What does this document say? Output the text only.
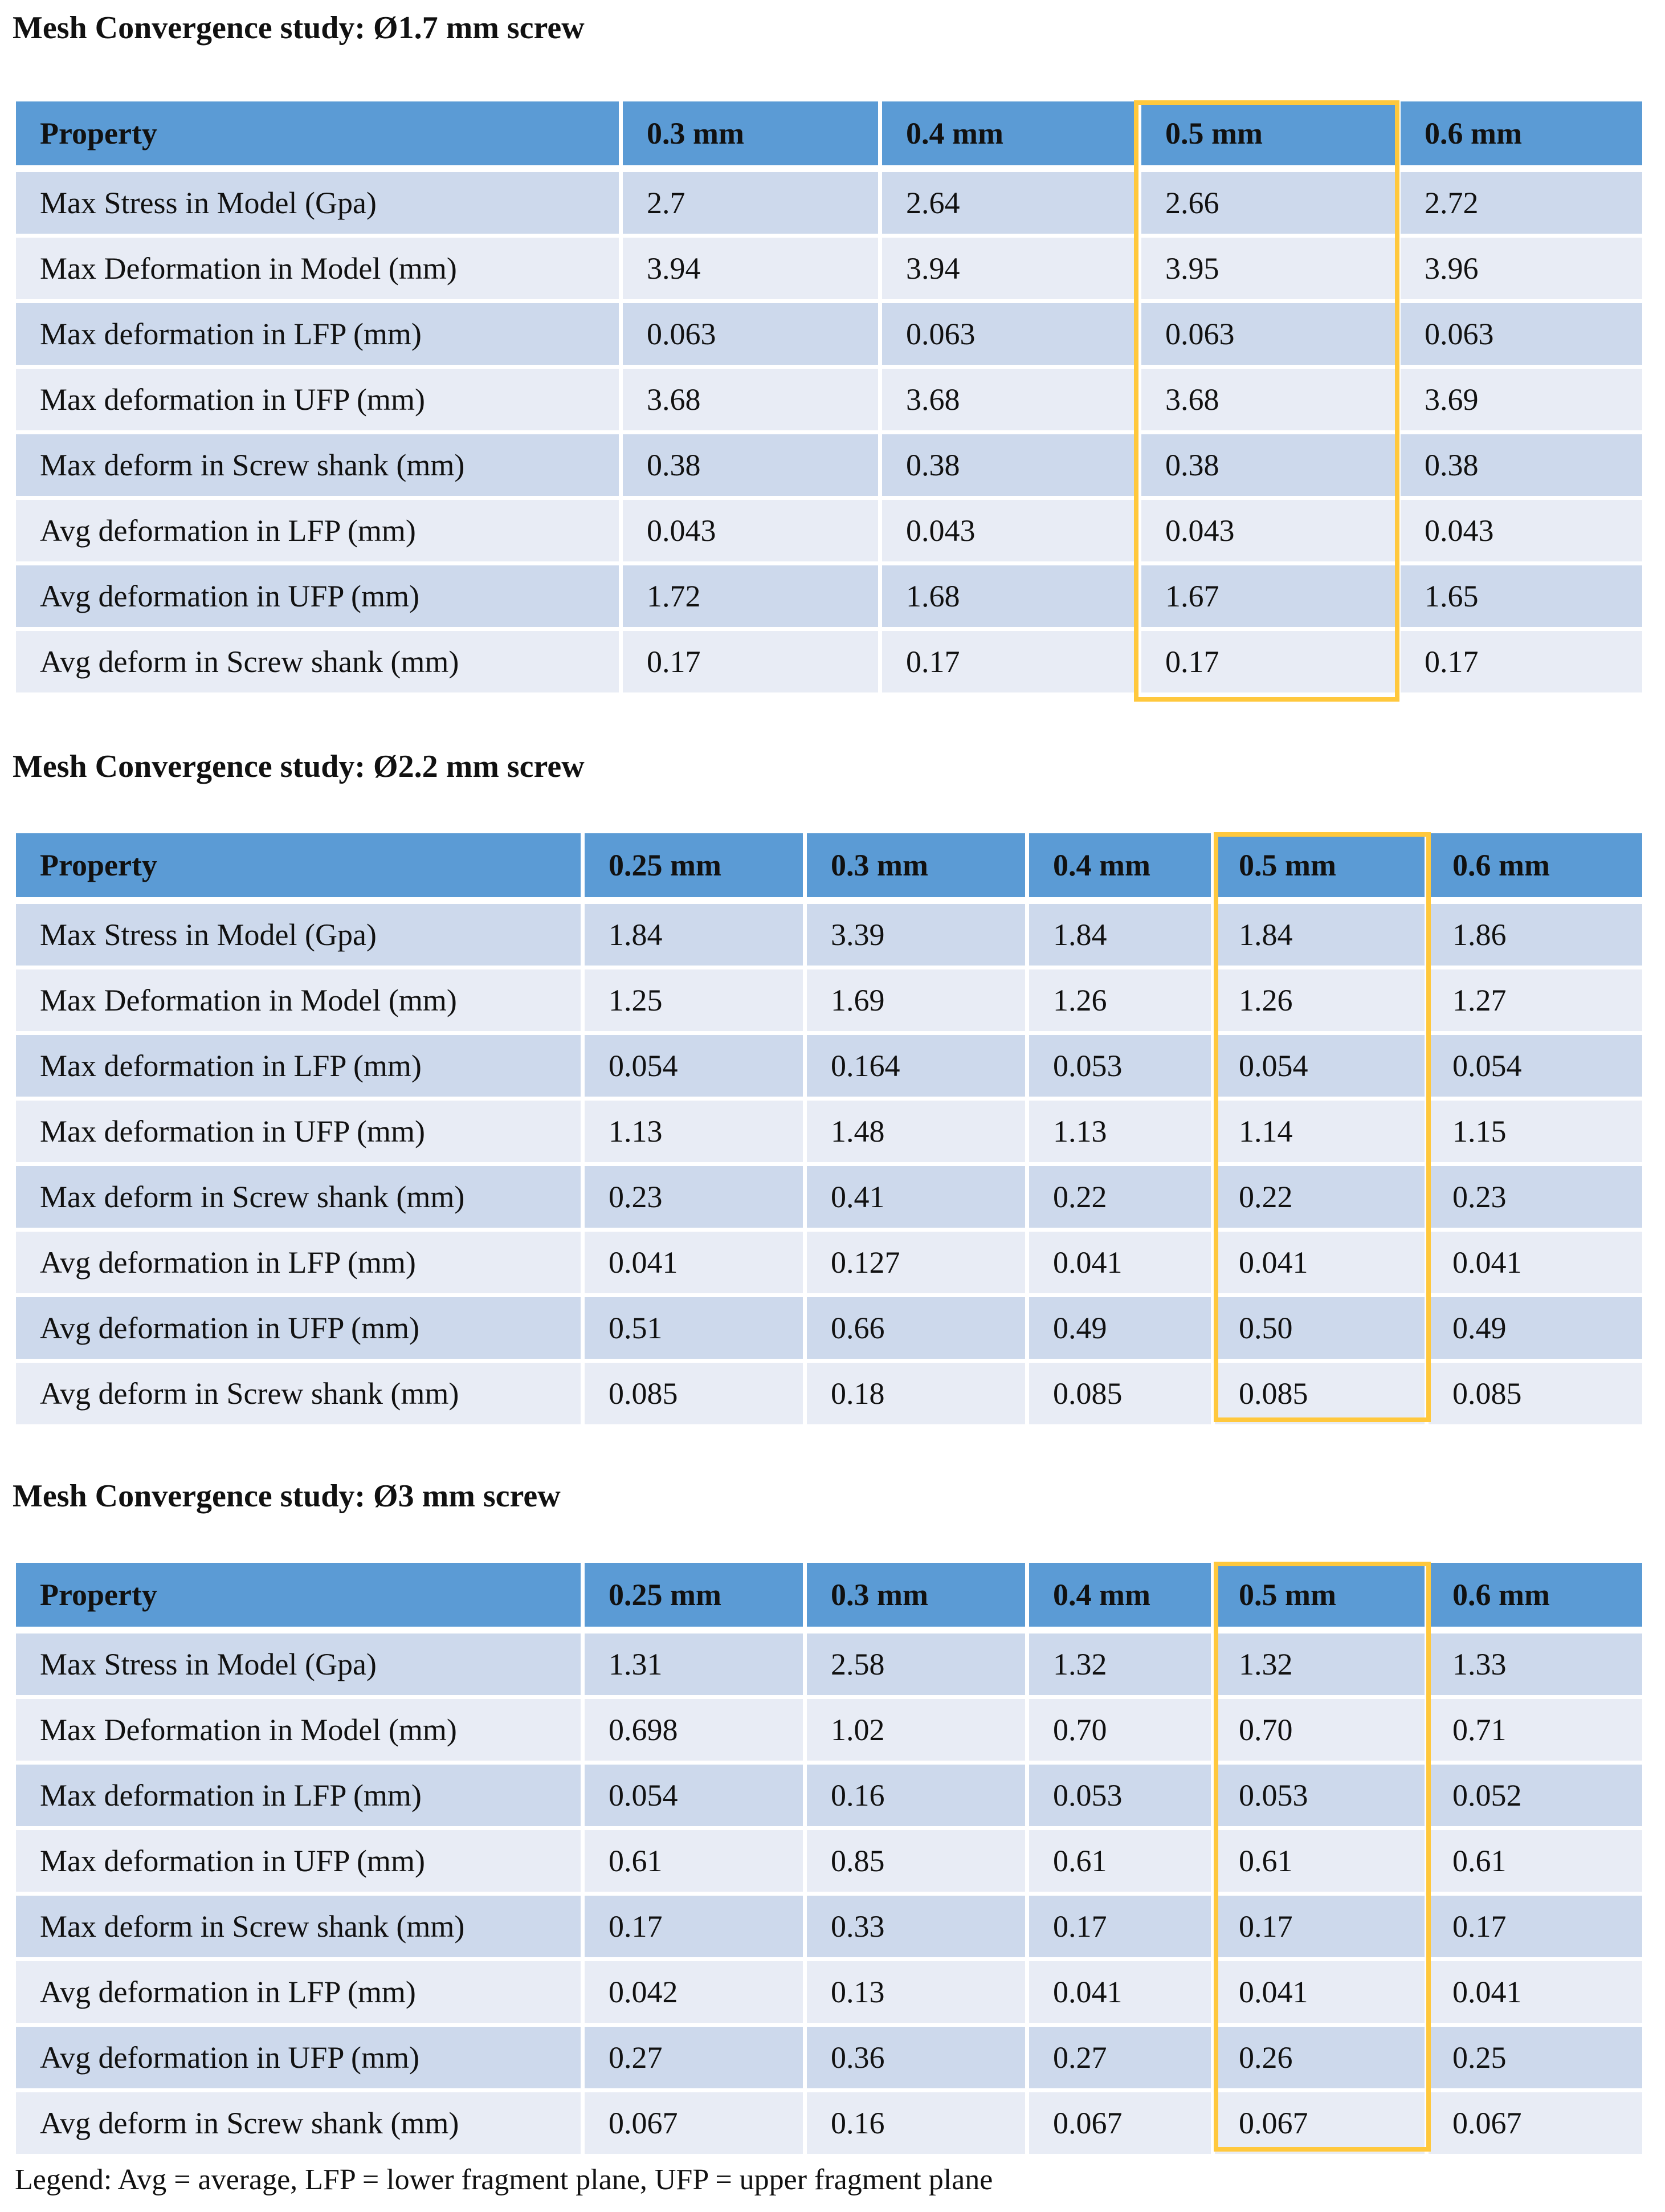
Mesh Convergence study: Ø1.7 mm screw
Property	0.3 mm	0.4 mm	0.5 mm	0.6 mm
Max Stress in Model (Gpa)	2.7	2.64	2.66	2.72
Max Deformation in Model (mm)	3.94	3.94	3.95	3.96
Max deformation in LFP (mm)	0.063	0.063	0.063	0.063
Max deformation in UFP (mm)	3.68	3.68	3.68	3.69
Max deform in Screw shank (mm)	0.38	0.38	0.38	0.38
Avg deformation in LFP (mm)	0.043	0.043	0.043	0.043
Avg deformation in UFP (mm)	1.72	1.68	1.67	1.65
Avg deform in Screw shank (mm)	0.17	0.17	0.17	0.17
Mesh Convergence study: Ø2.2 mm screw
Property	0.25 mm	0.3 mm	0.4 mm	0.5 mm	0.6 mm
Max Stress in Model (Gpa)	1.84	3.39	1.84	1.84	1.86
Max Deformation in Model (mm)	1.25	1.69	1.26	1.26	1.27
Max deformation in LFP (mm)	0.054	0.164	0.053	0.054	0.054
Max deformation in UFP (mm)	1.13	1.48	1.13	1.14	1.15
Max deform in Screw shank (mm)	0.23	0.41	0.22	0.22	0.23
Avg deformation in LFP (mm)	0.041	0.127	0.041	0.041	0.041
Avg deformation in UFP (mm)	0.51	0.66	0.49	0.50	0.49
Avg deform in Screw shank (mm)	0.085	0.18	0.085	0.085	0.085
Mesh Convergence study: Ø3 mm screw
Property	0.25 mm	0.3 mm	0.4 mm	0.5 mm	0.6 mm
Max Stress in Model (Gpa)	1.31	2.58	1.32	1.32	1.33
Max Deformation in Model (mm)	0.698	1.02	0.70	0.70	0.71
Max deformation in LFP (mm)	0.054	0.16	0.053	0.053	0.052
Max deformation in UFP (mm)	0.61	0.85	0.61	0.61	0.61
Max deform in Screw shank (mm)	0.17	0.33	0.17	0.17	0.17
Avg deformation in LFP (mm)	0.042	0.13	0.041	0.041	0.041
Avg deformation in UFP (mm)	0.27	0.36	0.27	0.26	0.25
Avg deform in Screw shank (mm)	0.067	0.16	0.067	0.067	0.067
Legend: Avg = average, LFP = lower fragment plane, UFP = upper fragment plane
